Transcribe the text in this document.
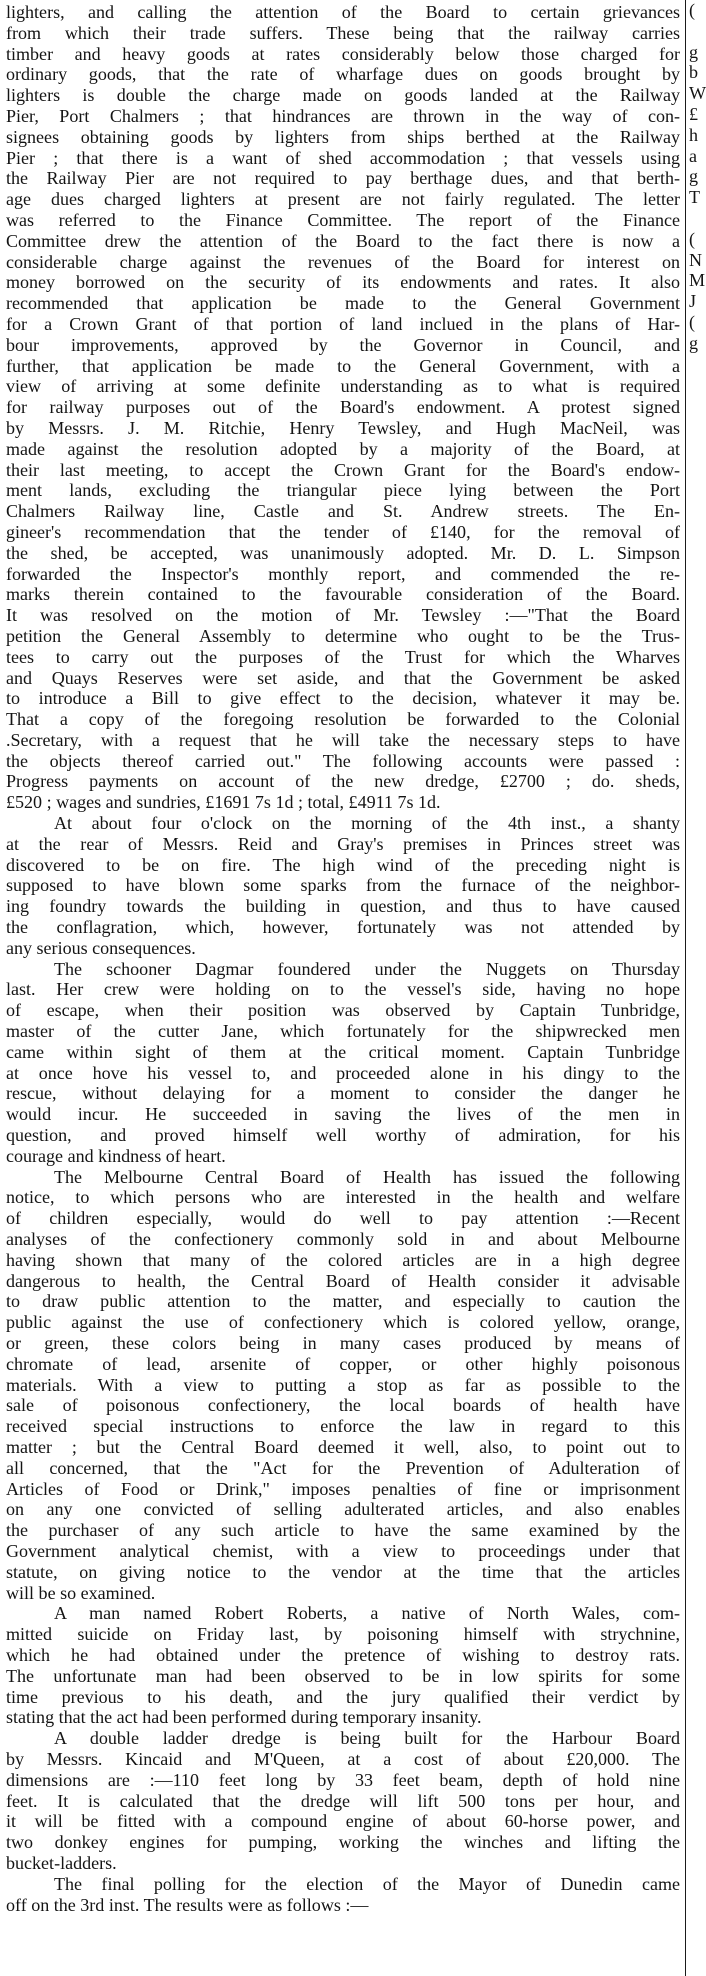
lighters, and calling the attention of the Board to certain grievances
from which their trade suffers. These being that the railway carries
timber and heavy goods at rates considerably below those charged for
ordinary goods, that the rate of wharfage dues on goods brought by
lighters is double the charge made on goods landed at the Railway
Pier, Port Chalmers ; that hindrances are thrown in the way of con-
signees obtaining goods by lighters from ships berthed at the Railway
Pier ; that there is a want of shed accommodation ; that vessels using
the Railway Pier are not required to pay berthage dues, and that berth-
age dues charged lighters at present are not fairly regulated. The letter
was referred to the Finance Committee. The report of the Finance
Committee drew the attention of the Board to the fact there is now a
considerable charge against the revenues of the Board for interest on
money borrowed on the security of its endowments and rates. It also
recommended that application be made to the General Government
for a Crown Grant of that portion of land inclued in the plans of Har-
bour improvements, approved by the Governor in Council, and
further, that application be made to the General Government, with a
view of arriving at some definite understanding as to what is required
for railway purposes out of the Board's endowment. A protest signed
by Messrs. J. M. Ritchie, Henry Tewsley, and Hugh MacNeil, was
made against the resolution adopted by a majority of the Board, at
their last meeting, to accept the Crown Grant for the Board's endow-
ment lands, excluding the triangular piece lying between the Port
Chalmers Railway line, Castle and St. Andrew streets. The En-
gineer's recommendation that the tender of £140, for the removal of
the shed, be accepted, was unanimously adopted. Mr. D. L. Simpson
forwarded the Inspector's monthly report, and commended the re-
marks therein contained to the favourable consideration of the Board.
It was resolved on the motion of Mr. Tewsley :—"That the Board
petition the General Assembly to determine who ought to be the Trus-
tees to carry out the purposes of the Trust for which the Wharves
and Quays Reserves were set aside, and that the Government be asked
to introduce a Bill to give effect to the decision, whatever it may be.
That a copy of the foregoing resolution be forwarded to the Colonial
.Secretary, with a request that he will take the necessary steps to have
the objects thereof carried out." The following accounts were passed :
Progress payments on account of the new dredge, £2700 ; do. sheds,
£520 ; wages and sundries, £1691 7s 1d ; total, £4911 7s 1d.
At about four o'clock on the morning of the 4th inst., a shanty
at the rear of Messrs. Reid and Gray's premises in Princes street was
discovered to be on fire. The high wind of the preceding night is
supposed to have blown some sparks from the furnace of the neighbor-
ing foundry towards the building in question, and thus to have caused
the conflagration, which, however, fortunately was not attended by
any serious consequences.
The schooner Dagmar foundered under the Nuggets on Thursday
last. Her crew were holding on to the vessel's side, having no hope
of escape, when their position was observed by Captain Tunbridge,
master of the cutter Jane, which fortunately for the shipwrecked men
came within sight of them at the critical moment. Captain Tunbridge
at once hove his vessel to, and proceeded alone in his dingy to the
rescue, without delaying for a moment to consider the danger he
would incur. He succeeded in saving the lives of the men in
question, and proved himself well worthy of admiration, for his
courage and kindness of heart.
The Melbourne Central Board of Health has issued the following
notice, to which persons who are interested in the health and welfare
of children especially, would do well to pay attention :—Recent
analyses of the confectionery commonly sold in and about Melbourne
having shown that many of the colored articles are in a high degree
dangerous to health, the Central Board of Health consider it advisable
to draw public attention to the matter, and especially to caution the
public against the use of confectionery which is colored yellow, orange,
or green, these colors being in many cases produced by means of
chromate of lead, arsenite of copper, or other highly poisonous
materials. With a view to putting a stop as far as possible to the
sale of poisonous confectionery, the local boards of health have
received special instructions to enforce the law in regard to this
matter ; but the Central Board deemed it well, also, to point out to
all concerned, that the "Act for the Prevention of Adulteration of
Articles of Food or Drink," imposes penalties of fine or imprisonment
on any one convicted of selling adulterated articles, and also enables
the purchaser of any such article to have the same examined by the
Government analytical chemist, with a view to proceedings under that
statute, on giving notice to the vendor at the time that the articles
will be so examined.
A man named Robert Roberts, a native of North Wales, com-
mitted suicide on Friday last, by poisoning himself with strychnine,
which he had obtained under the pretence of wishing to destroy rats.
The unfortunate man had been observed to be in low spirits for some
time previous to his death, and the jury qualified their verdict by
stating that the act had been performed during temporary insanity.
A double ladder dredge is being built for the Harbour Board
by Messrs. Kincaid and M'Queen, at a cost of about £20,000. The
dimensions are :—110 feet long by 33 feet beam, depth of hold nine
feet. It is calculated that the dredge will lift 500 tons per hour, and
it will be fitted with a compound engine of about 60-horse power, and
two donkey engines for pumping, working the winches and lifting the
bucket-ladders.
The final polling for the election of the Mayor of Dunedin came
off on the 3rd inst. The results were as follows :—
(
g
b
W
£
h
a
g
T
(
N
M
J
(
g
